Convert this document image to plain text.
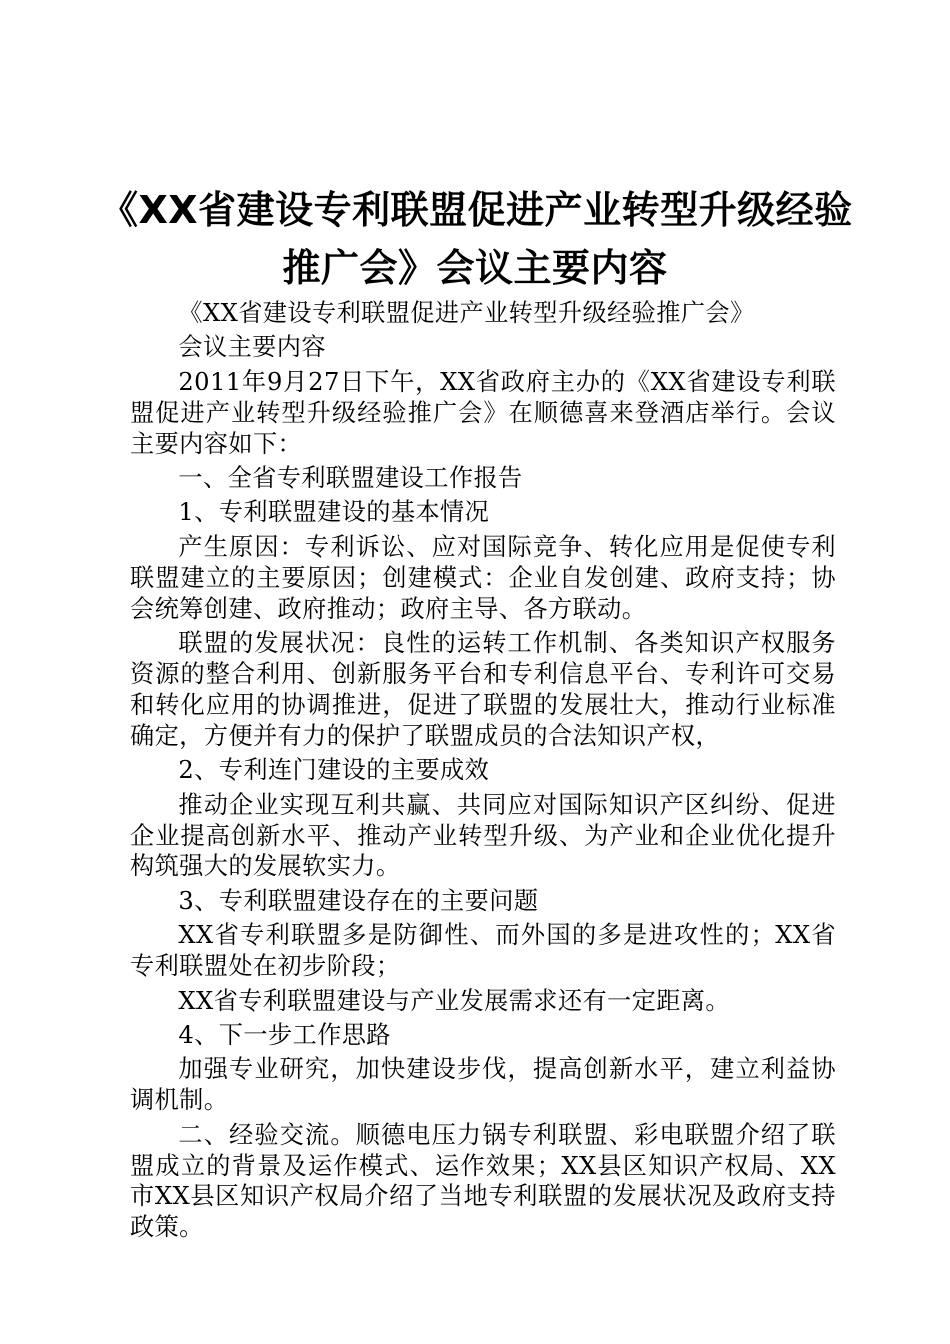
《XX省建设专利联盟促进产业转型升级经验
推广会》会议主要内容

《XX省建设专利联盟促进产业转型升级经验推广会》

会议主要内容

2011年9月27日下午，XX省政府主办的《XX省建设专利联盟促进产业转型升级经验推广会》在顺德喜来登酒店举行。会议主要内容如下：

一、全省专利联盟建设工作报告

1、专利联盟建设的基本情况

产生原因：专利诉讼、应对国际竞争、转化应用是促使专利联盟建立的主要原因；创建模式：企业自发创建、政府支持；协会统筹创建、政府推动；政府主导、各方联动。

联盟的发展状况：良性的运转工作机制、各类知识产权服务资源的整合利用、创新服务平台和专利信息平台、专利许可交易和转化应用的协调推进，促进了联盟的发展壮大，推动行业标准确定，方便并有力的保护了联盟成员的合法知识产权，

2、专利连门建设的主要成效

推动企业实现互利共赢、共同应对国际知识产区纠纷、促进企业提高创新水平、推动产业转型升级、为产业和企业优化提升构筑强大的发展软实力。

3、专利联盟建设存在的主要问题

XX省专利联盟多是防御性、而外国的多是进攻性的；XX省专利联盟处在初步阶段；

XX省专利联盟建设与产业发展需求还有一定距离。

4、下一步工作思路

加强专业研究，加快建设步伐，提高创新水平，建立利益协调机制。

二、经验交流。顺德电压力锅专利联盟、彩电联盟介绍了联盟成立的背景及运作模式、运作效果；XX县区知识产权局、XX市XX县区知识产权局介绍了当地专利联盟的发展状况及政府支持政策。
